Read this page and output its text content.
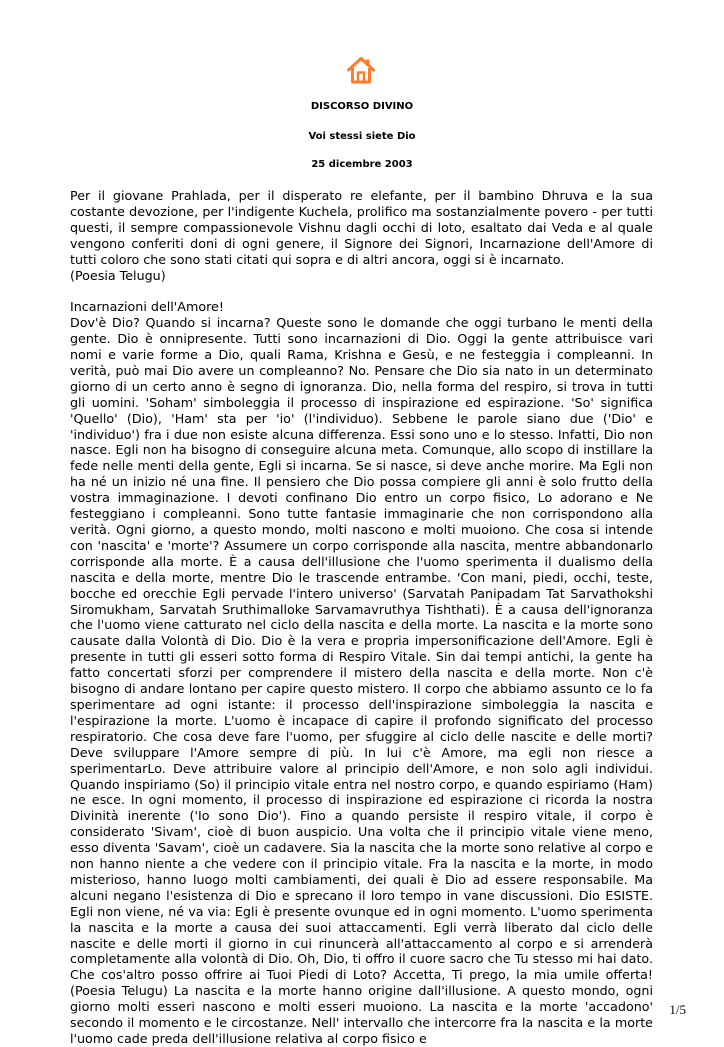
DISCORSO DIVINO
Voi stessi siete Dio
25 dicembre 2003

Per il giovane Prahlada, per il disperato re elefante, per il bambino Dhruva e la sua costante devozione, per l'indigente Kuchela, prolifico ma sostanzialmente povero - per tutti questi, il sempre compassionevole Vishnu dagli occhi di loto, esaltato dai Veda e al quale vengono conferiti doni di ogni genere, il Signore dei Signori, Incarnazione dell'Amore di tutti coloro che sono stati citati qui sopra e di altri ancora, oggi si è incarnato.

(Poesia Telugu)

Incarnazioni dell'Amore!

Dov'è Dio? Quando si incarna? Queste sono le domande che oggi turbano le menti della gente. Dio è onnipresente. Tutti sono incarnazioni di Dio. Oggi la gente attribuisce vari nomi e varie forme a Dio, quali Rama, Krishna e Gesù, e ne festeggia i compleanni. In verità, può mai Dio avere un compleanno? No. Pensare che Dio sia nato in un determinato giorno di un certo anno è segno di ignoranza. Dio, nella forma del respiro, si trova in tutti gli uomini. 'Soham' simboleggia il processo di inspirazione ed espirazione. 'So' significa 'Quello' (Dio), 'Ham' sta per 'io' (l'individuo). Sebbene le parole siano due ('Dio' e 'individuo') fra i due non esiste alcuna differenza. Essi sono uno e lo stesso. Infatti, Dio non nasce. Egli non ha bisogno di conseguire alcuna meta. Comunque, allo scopo di instillare la fede nelle menti della gente, Egli si incarna. Se si nasce, si deve anche morire. Ma Egli non ha né un inizio né una fine. Il pensiero che Dio possa compiere gli anni è solo frutto della vostra immaginazione. I devoti confinano Dio entro un corpo fisico, Lo adorano e Ne festeggiano i compleanni. Sono tutte fantasie immaginarie che non corrispondono alla verità. Ogni giorno, a questo mondo, molti nascono e molti muoiono. Che cosa si intende con 'nascita' e 'morte'? Assumere un corpo corrisponde alla nascita, mentre abbandonarlo corrisponde alla morte. È a causa dell'illusione che l'uomo sperimenta il dualismo della nascita e della morte, mentre Dio le trascende entrambe. 'Con mani, piedi, occhi, teste, bocche ed orecchie Egli pervade l'intero universo' (Sarvatah Panipadam Tat Sarvathokshi Siromukham, Sarvatah Sruthimalloke Sarvamavruthya Tishthati). È a causa dell'ignoranza che l'uomo viene catturato nel ciclo della nascita e della morte. La nascita e la morte sono causate dalla Volontà di Dio. Dio è la vera e propria impersonificazione dell'Amore. Egli è presente in tutti gli esseri sotto forma di Respiro Vitale. Sin dai tempi antichi, la gente ha fatto concertati sforzi per comprendere il mistero della nascita e della morte. Non c'è bisogno di andare lontano per capire questo mistero. Il corpo che abbiamo assunto ce lo fa sperimentare ad ogni istante: il processo dell'inspirazione simboleggia la nascita e l'espirazione la morte. L'uomo è incapace di capire il profondo significato del processo respiratorio. Che cosa deve fare l'uomo, per sfuggire al ciclo delle nascite e delle morti? Deve sviluppare l'Amore sempre di più. In lui c'è Amore, ma egli non riesce a sperimentarLo. Deve attribuire valore al principio dell'Amore, e non solo agli individui. Quando inspiriamo (So) il principio vitale entra nel nostro corpo, e quando espiriamo (Ham) ne esce. In ogni momento, il processo di inspirazione ed espirazione ci ricorda la nostra Divinità inerente ('Io sono Dio'). Fino a quando persiste il respiro vitale, il corpo è considerato 'Sivam', cioè di buon auspicio. Una volta che il principio vitale viene meno, esso diventa 'Savam', cioè un cadavere. Sia la nascita che la morte sono relative al corpo e non hanno niente a che vedere con il principio vitale. Fra la nascita e la morte, in modo misterioso, hanno luogo molti cambiamenti, dei quali è Dio ad essere responsabile. Ma alcuni negano l'esistenza di Dio e sprecano il loro tempo in vane discussioni. Dio ESISTE. Egli non viene, né va via: Egli è presente ovunque ed in ogni momento. L'uomo sperimenta la nascita e la morte a causa dei suoi attaccamenti. Egli verrà liberato dal ciclo delle nascite e delle morti il giorno in cui rinuncerà all'attaccamento al corpo e si arrenderà completamente alla volontà di Dio. Oh, Dio, ti offro il cuore sacro che Tu stesso mi hai dato. Che cos'altro posso offrire ai Tuoi Piedi di Loto? Accetta, Ti prego, la mia umile offerta! (Poesia Telugu) La nascita e la morte hanno origine dall'illusione. A questo mondo, ogni giorno molti esseri nascono e molti esseri muoiono. La nascita e la morte 'accadono' secondo il momento e le circostanze. Nell' intervallo che intercorre fra la nascita e la morte l'uomo cade preda dell'illusione relativa al corpo fisico e

1/5
